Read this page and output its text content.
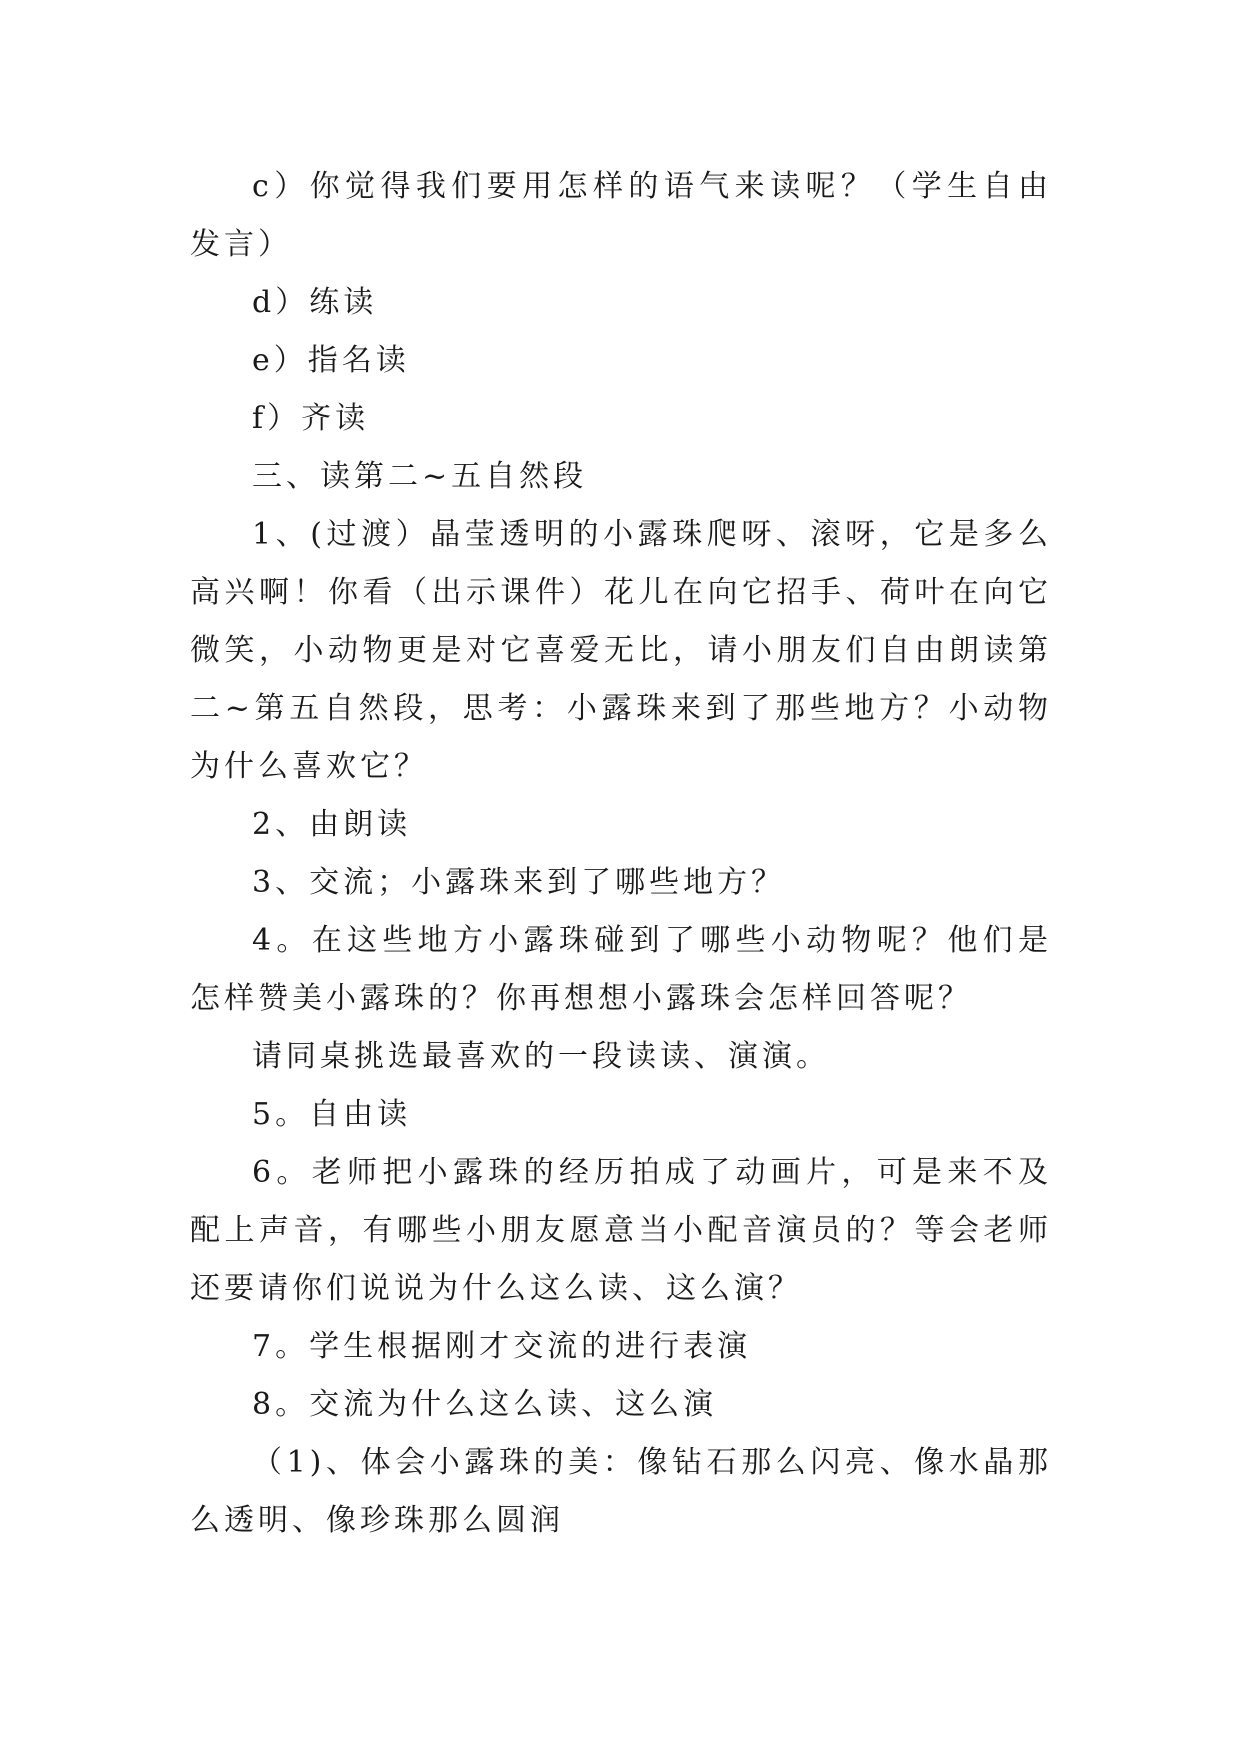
c）你觉得我们要用怎样的语气来读呢？（学生自由发言）

d）练读

e）指名读

f）齐读

三、读第二~五自然段

1、(过渡）晶莹透明的小露珠爬呀、滚呀，它是多么高兴啊！你看（出示课件）花儿在向它招手、荷叶在向它微笑，小动物更是对它喜爱无比，请小朋友们自由朗读第二~第五自然段，思考：小露珠来到了那些地方？小动物为什么喜欢它？

2、由朗读

3、交流；小露珠来到了哪些地方？

4。在这些地方小露珠碰到了哪些小动物呢？他们是怎样赞美小露珠的？你再想想小露珠会怎样回答呢？

请同桌挑选最喜欢的一段读读、演演。

5。自由读

6。老师把小露珠的经历拍成了动画片，可是来不及配上声音，有哪些小朋友愿意当小配音演员的？等会老师还要请你们说说为什么这么读、这么演？

7。学生根据刚才交流的进行表演

8。交流为什么这么读、这么演

（1)、体会小露珠的美：像钻石那么闪亮、像水晶那么透明、像珍珠那么圆润
